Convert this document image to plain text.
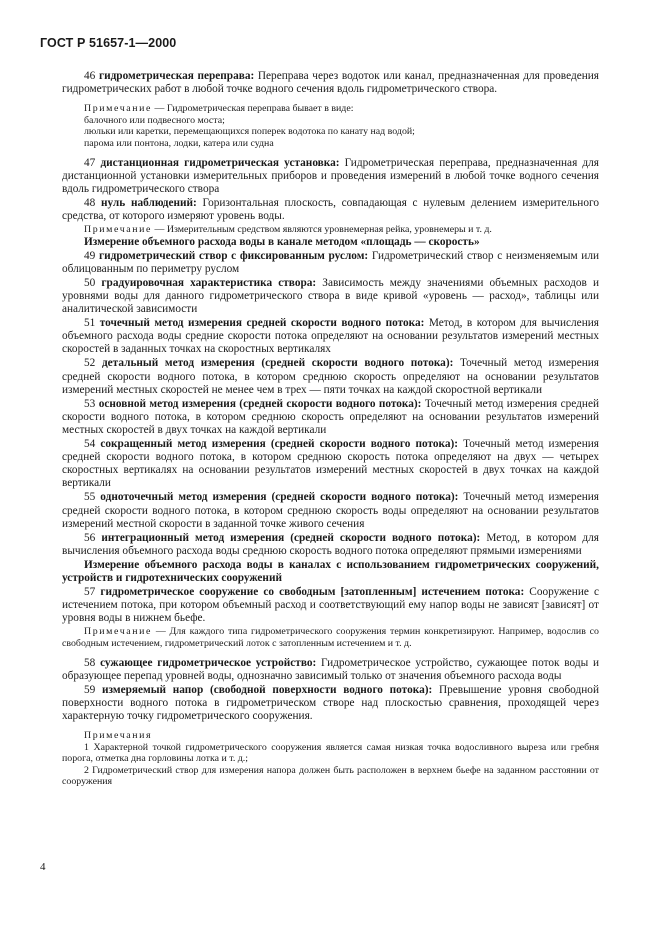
ГОСТ Р 51657-1—2000

46 гидрометрическая переправа: Переправа через водоток или канал, предназначенная для проведения гидрометрических работ в любой точке водного сечения вдоль гидрометрического створа.

Примечание — Гидрометрическая переправа бывает в виде:

балочного или подвесного моста;

люльки или каретки, перемещающихся поперек водотока по канату над водой;

парома или понтона, лодки, катера или судна

47 дистанционная гидрометрическая установка: Гидрометрическая переправа, предназначенная для дистанционной установки измерительных приборов и проведения измерений в любой точке водного сечения вдоль гидрометрического створа

48 нуль наблюдений: Горизонтальная плоскость, совпадающая с нулевым делением измерительного средства, от которого измеряют уровень воды.

Примечание — Измерительным средством являются уровнемерная рейка, уровнемеры и т. д.

Измерение объемного расхода воды в канале методом «площадь — скорость»

49 гидрометрический створ с фиксированным руслом: Гидрометрический створ с неизменяемым или облицованным по периметру руслом

50 градуировочная характеристика створа: Зависимость между значениями объемных расходов и уровнями воды для данного гидрометрического створа в виде кривой «уровень — расход», таблицы или аналитической зависимости

51 точечный метод измерения средней скорости водного потока: Метод, в котором для вычисления объемного расхода воды средние скорости потока определяют на основании результатов измерений местных скоростей в заданных точках на скоростных вертикалях

52 детальный метод измерения (средней скорости водного потока): Точечный метод измерения средней скорости водного потока, в котором среднюю скорость определяют на основании результатов измерений местных скоростей не менее чем в трех — пяти точках на каждой скоростной вертикали

53 основной метод измерения (средней скорости водного потока): Точечный метод измерения средней скорости водного потока, в котором среднюю скорость определяют на основании результатов измерений местных скоростей в двух точках на каждой вертикали

54 сокращенный метод измерения (средней скорости водного потока): Точечный метод измерения средней скорости водного потока, в котором среднюю скорость потока определяют на двух — четырех скоростных вертикалях на основании результатов измерений местных скоростей в двух точках на каждой вертикали

55 одноточечный метод измерения (средней скорости водного потока): Точечный метод измерения средней скорости водного потока, в котором среднюю скорость воды определяют на основании результатов измерений местной скорости в заданной точке живого сечения

56 интеграционный метод измерения (средней скорости водного потока): Метод, в котором для вычисления объемного расхода воды среднюю скорость водного потока определяют прямыми измерениями

Измерение объемного расхода воды в каналах с использованием гидрометрических сооружений, устройств и гидротехнических сооружений

57 гидрометрическое сооружение со свободным [затопленным] истечением потока: Сооружение с истечением потока, при котором объемный расход и соответствующий ему напор воды не зависят [зависят] от уровня воды в нижнем бьефе.

Примечание — Для каждого типа гидрометрического сооружения термин конкретизируют. Например, водослив со свободным истечением, гидрометрический лоток с затопленным истечением и т. д.

58 сужающее гидрометрическое устройство: Гидрометрическое устройство, сужающее поток воды и образующее перепад уровней воды, однозначно зависимый только от значения объемного расхода воды

59 измеряемый напор (свободной поверхности водного потока): Превышение уровня свободной поверхности водного потока в гидрометрическом створе над плоскостью сравнения, проходящей через характерную точку гидрометрического сооружения.

Примечания

1 Характерной точкой гидрометрического сооружения является самая низкая точка водосливного выреза или гребня порога, отметка дна горловины лотка и т. д.;

2 Гидрометрический створ для измерения напора должен быть расположен в верхнем бьефе на заданном расстоянии от сооружения

4
